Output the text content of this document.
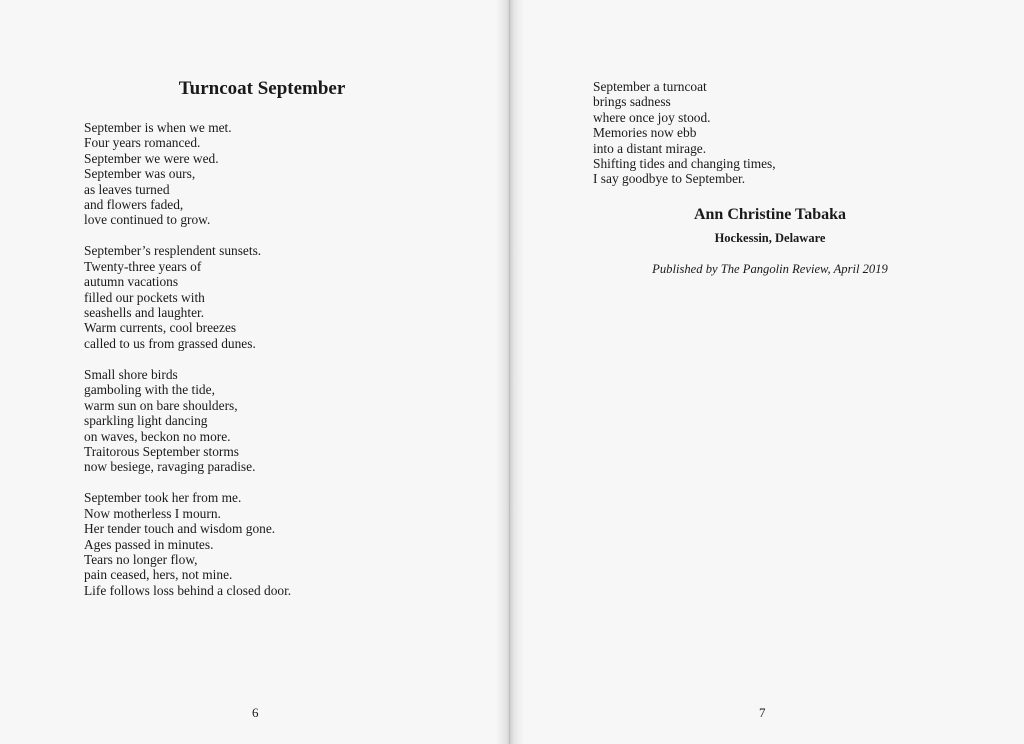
Turncoat September
September is when we met.
Four years romanced.
September we were wed.
September was ours,
as leaves turned
and flowers faded,
love continued to grow.
September’s resplendent sunsets.
Twenty-three years of
autumn vacations
filled our pockets with
seashells and laughter.
Warm currents, cool breezes
called to us from grassed dunes.
Small shore birds
gamboling with the tide,
warm sun on bare shoulders,
sparkling light dancing
on waves, beckon no more.
Traitorous September storms
now besiege, ravaging paradise.
September took her from me.
Now motherless I mourn.
Her tender touch and wisdom gone.
Ages passed in minutes.
Tears no longer flow,
pain ceased, hers, not mine.
Life follows loss behind a closed door.
September a turncoat
brings sadness
where once joy stood.
Memories now ebb
into a distant mirage.
Shifting tides and changing times,
I say goodbye to September.
Ann Christine Tabaka
Hockessin, Delaware
Published by The Pangolin Review, April 2019
6	7
